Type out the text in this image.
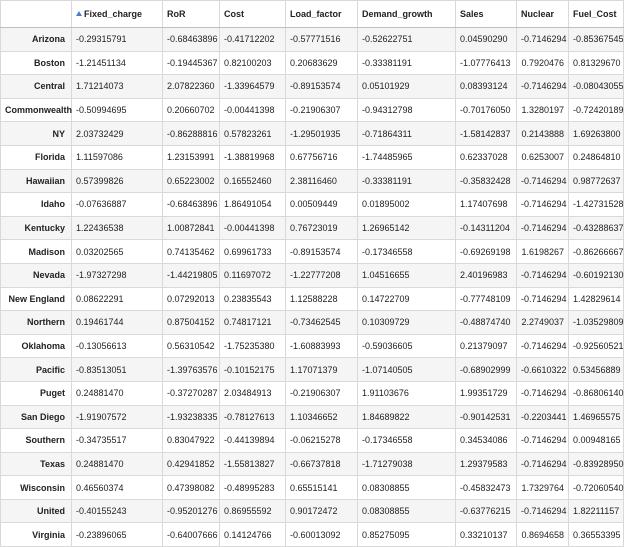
	Fixed_charge	RoR	Cost	Load_factor	Demand_growth	Sales	Nuclear	Fuel_Cost
Arizona	-0.29315791	-0.68463896	-0.41712202	-0.57771516	-0.52622751	0.04590290	-0.7146294	-0.85367545
Boston	-1.21451134	-0.19445367	0.82100203	0.20683629	-0.33381191	-1.07776413	0.7920476	0.81329670
Central	1.71214073	2.07822360	-1.33964579	-0.89153574	0.05101929	0.08393124	-0.7146294	-0.08043055
Commonwealth	-0.50994695	0.20660702	-0.00441398	-0.21906307	-0.94312798	-0.70176050	1.3280197	-0.72420189
NY	2.03732429	-0.86288816	0.57823261	-1.29501935	-0.71864311	-1.58142837	0.2143888	1.69263800
Florida	1.11597086	1.23153991	-1.38819968	0.67756716	-1.74485965	0.62337028	0.6253007	0.24864810
Hawaiian	0.57399826	0.65223002	0.16552460	2.38116460	-0.33381191	-0.35832428	-0.7146294	0.98772637
Idaho	-0.07636887	-0.68463896	1.86491054	0.00509449	0.01895002	1.17407698	-0.7146294	-1.42731528
Kentucky	1.22436538	1.00872841	-0.00441398	0.76723019	1.26965142	-0.14311204	-0.7146294	-0.43288637
Madison	0.03202565	0.74135462	0.69961733	-0.89153574	-0.17346558	-0.69269198	1.6198267	-0.86266667
Nevada	-1.97327298	-1.44219805	0.11697072	-1.22777208	1.04516655	2.40196983	-0.7146294	-0.60192130
New England	0.08622291	0.07292013	0.23835543	1.12588228	0.14722709	-0.77748109	-0.7146294	1.42829614
Northern	0.19461744	0.87504152	0.74817121	-0.73462545	0.10309729	-0.48874740	2.2749037	-1.03529809
Oklahoma	-0.13056613	0.56310542	-1.75235380	-1.60883993	-0.59036605	0.21379097	-0.7146294	-0.92560521
Pacific	-0.83513051	-1.39763576	-0.10152175	1.17071379	-1.07140505	-0.68902999	-0.6610322	0.53456889
Puget	0.24881470	-0.37270287	2.03484913	-0.21906307	1.91103676	1.99351729	-0.7146294	-0.86806140
San Diego	-1.91907572	-1.93238335	-0.78127613	1.10346652	1.84689822	-0.90142531	-0.2203441	1.46965575
Southern	-0.34735517	0.83047922	-0.44139894	-0.06215278	-0.17346558	0.34534086	-0.7146294	0.00948165
Texas	0.24881470	0.42941852	-1.55813827	-0.66737818	-1.71279038	1.29379583	-0.7146294	-0.83928950
Wisconsin	0.46560374	0.47398082	-0.48995283	0.65515141	0.08308855	-0.45832473	1.7329764	-0.72060540
United	-0.40155243	-0.95201276	0.86955592	0.90172472	0.08308855	-0.63776215	-0.7146294	1.82211157
Virginia	-0.23896065	-0.64007666	0.14124766	-0.60013092	0.85275095	0.33210137	0.8694658	0.36553395
